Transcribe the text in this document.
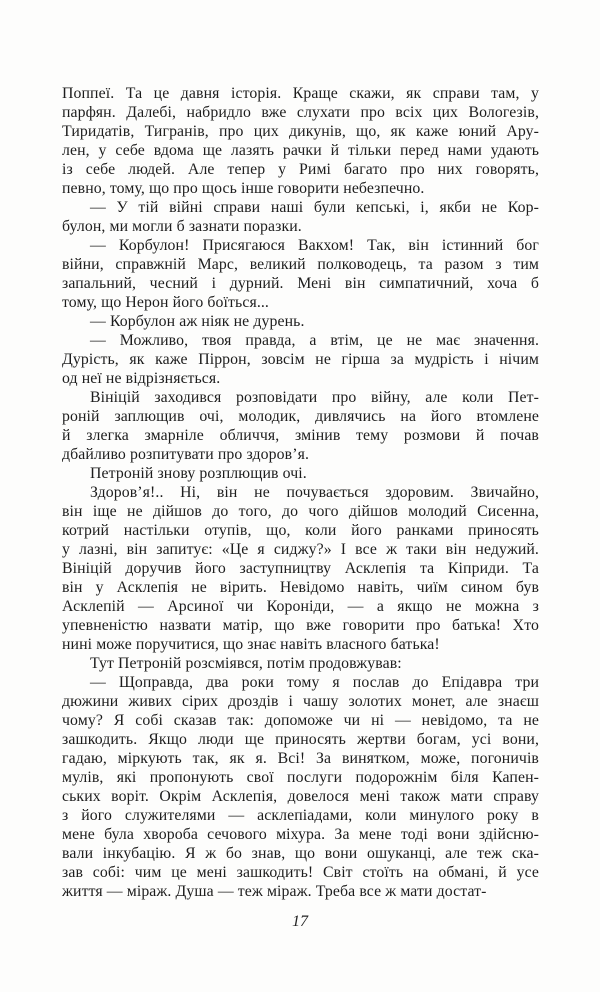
Поппеї. Та це давня історія. Краще скажи, як справи там, у
парфян. Далебі, набридло вже слухати про всіх цих Вологезів,
Тиридатів, Тигранів, про цих дикунів, що, як каже юний Ару-
лен, у себе вдома ще лазять рачки й тільки перед нами удають
із себе людей. Але тепер у Римі багато про них говорять,
певно, тому, що про щось інше говорити небезпечно.
— У тій війні справи наші були кепські, і, якби не Кор-
булон, ми могли б зазнати поразки.
— Корбулон! Присягаюся Вакхом! Так, він істинний бог
війни, справжній Марс, великий полководець, та разом з тим
запальний, чесний і дурний. Мені він симпатичний, хоча б
тому, що Нерон його боїться...
— Корбулон аж ніяк не дурень.
— Можливо, твоя правда, а втім, це не має значення.
Дурість, як каже Піррон, зовсім не гірша за мудрість і нічим
од неї не відрізняється.
Вініцій заходився розповідати про війну, але коли Пет-
роній заплющив очі, молодик, дивлячись на його втомлене
й злегка змарніле обличчя, змінив тему розмови й почав
дбайливо розпитувати про здоров’я.
Петроній знову розплющив очі.
Здоров’я!.. Ні, він не почувається здоровим. Звичайно,
він іще не дійшов до того, до чого дійшов молодий Сисенна,
котрий настільки отупів, що, коли його ранками приносять
у лазні, він запитує: «Це я сиджу?» І все ж таки він недужий.
Вініцій доручив його заступництву Асклепія та Кіприди. Та
він у Асклепія не вірить. Невідомо навіть, чиїм сином був
Асклепій — Арсиної чи Короніди, — а якщо не можна з
упевненістю назвати матір, що вже говорити про батька! Хто
нині може поручитися, що знає навіть власного батька!
Тут Петроній розсміявся, потім продовжував:
— Щоправда, два роки тому я послав до Епідавра три
дюжини живих сірих дроздів і чашу золотих монет, але знаєш
чому? Я собі сказав так: допоможе чи ні — невідомо, та не
зашкодить. Якщо люди ще приносять жертви богам, усі вони,
гадаю, міркують так, як я. Всі! За винятком, може, погоничів
мулів, які пропонують свої послуги подорожнім біля Капен-
ських воріт. Окрім Асклепія, довелося мені також мати справу
з його служителями — асклепіадами, коли минулого року в
мене була хвороба сечового міхура. За мене тоді вони здійсню-
вали інкубацію. Я ж бо знав, що вони ошуканці, але теж ска-
зав собі: чим це мені зашкодить! Світ стоїть на обмані, й усе
життя — міраж. Душа — теж міраж. Треба все ж мати достат-
17
